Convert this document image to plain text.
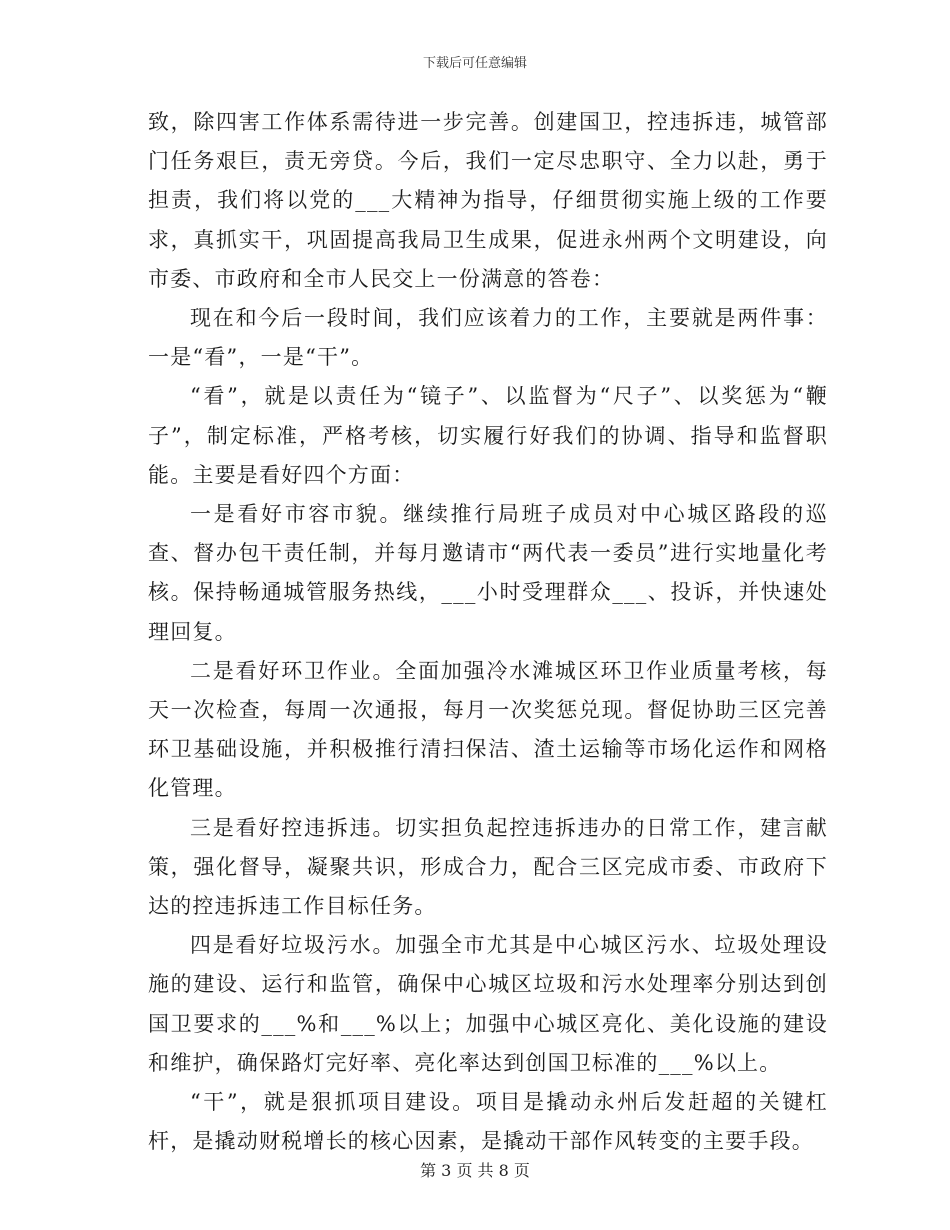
下载后可任意编辑

致，除四害工作体系需待进一步完善。创建国卫，控违拆违，城管部门任务艰巨，责无旁贷。今后，我们一定尽忠职守、全力以赴，勇于担责，我们将以党的___大精神为指导，仔细贯彻实施上级的工作要求，真抓实干，巩固提高我局卫生成果，促进永州两个文明建设，向市委、市政府和全市人民交上一份满意的答卷：

现在和今后一段时间，我们应该着力的工作，主要就是两件事：一是“看”，一是“干”。

“看”，就是以责任为“镜子”、以监督为“尺子”、以奖惩为“鞭子”，制定标准，严格考核，切实履行好我们的协调、指导和监督职能。主要是看好四个方面：

一是看好市容市貌。继续推行局班子成员对中心城区路段的巡查、督办包干责任制，并每月邀请市“两代表一委员”进行实地量化考核。保持畅通城管服务热线，___小时受理群众___、投诉，并快速处理回复。

二是看好环卫作业。全面加强冷水滩城区环卫作业质量考核，每天一次检查，每周一次通报，每月一次奖惩兑现。督促协助三区完善环卫基础设施，并积极推行清扫保洁、渣土运输等市场化运作和网格化管理。

三是看好控违拆违。切实担负起控违拆违办的日常工作，建言献策，强化督导，凝聚共识，形成合力，配合三区完成市委、市政府下达的控违拆违工作目标任务。

四是看好垃圾污水。加强全市尤其是中心城区污水、垃圾处理设施的建设、运行和监管，确保中心城区垃圾和污水处理率分别达到创国卫要求的___%和___%以上；加强中心城区亮化、美化设施的建设和维护，确保路灯完好率、亮化率达到创国卫标准的___%以上。

“干”，就是狠抓项目建设。项目是撬动永州后发赶超的关键杠杆，是撬动财税增长的核心因素，是撬动干部作风转变的主要手段。

第 3 页 共 8 页
